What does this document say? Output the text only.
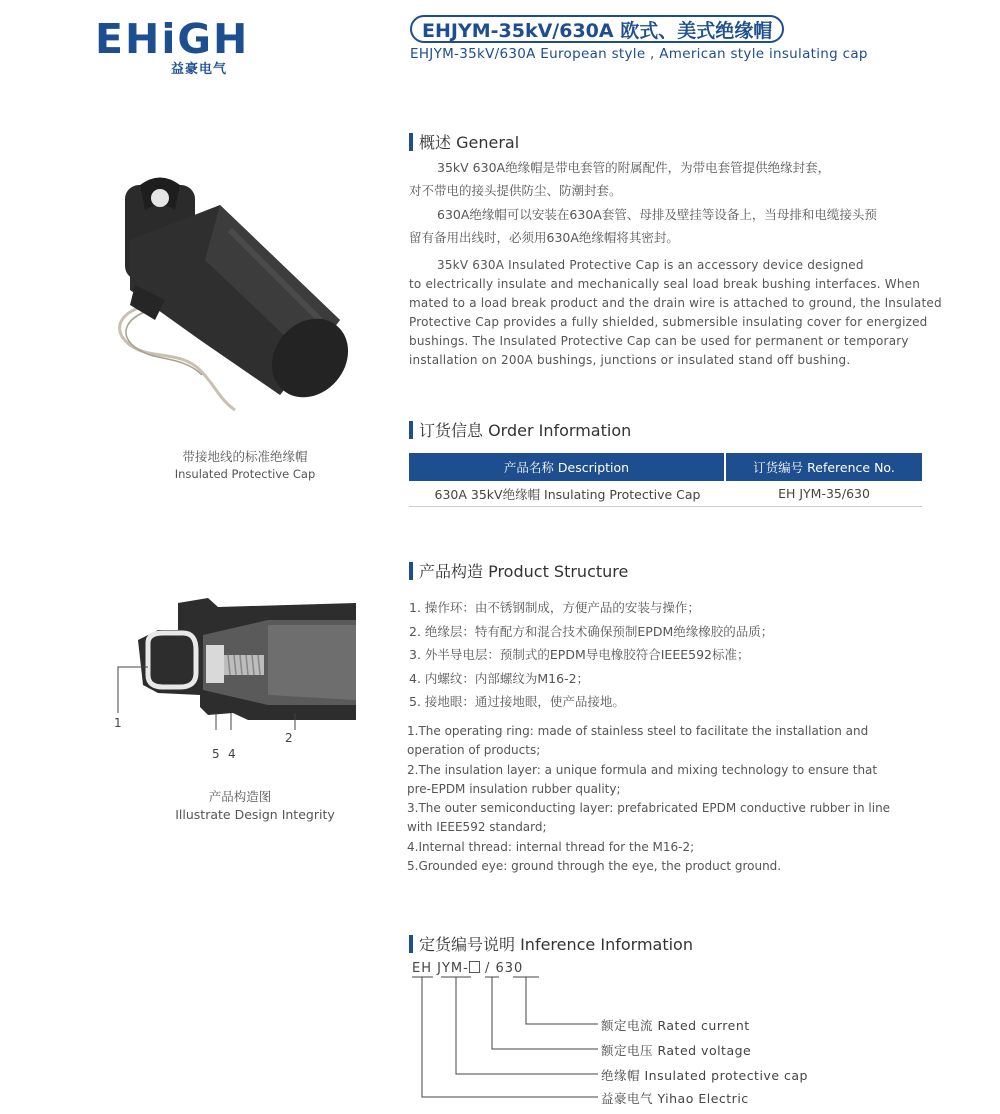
EHiGH
益豪电气
EHJYM-35kV/630A 欧式、美式绝缘帽
EHJYM-35kV/630A European style , American style insulating cap
带接地线的标准绝缘帽
Insulated Protective Cap
概述 General
35kV 630A绝缘帽是带电套管的附属配件，为带电套管提供绝缘封套，
对不带电的接头提供防尘、防潮封套。
630A绝缘帽可以安装在630A套管、母排及壁挂等设备上，当母排和电缆接头预
留有备用出线时，必须用630A绝缘帽将其密封。
35kV 630A Insulated Protective Cap is an accessory device designed
to electrically insulate and mechanically seal load break bushing interfaces. When
mated to a load break product and the drain wire is attached to ground, the Insulated
Protective Cap provides a fully shielded, submersible insulating cover for energized
bushings. The Insulated Protective Cap can be used for permanent or temporary
installation on 200A bushings, junctions or insulated stand off bushing.
订货信息 Order Information
产品名称 Description	订货编号 Reference No.
630A 35kV绝缘帽 Insulating Protective Cap	EH JYM-35/630
产品构造 Product Structure
1. 操作环：由不锈钢制成，方便产品的安装与操作；
2. 绝缘层：特有配方和混合技术确保预制EPDM绝缘橡胶的品质；
3. 外半导电层：预制式的EPDM导电橡胶符合IEEE592标准；
4. 内螺纹：内部螺纹为M16-2；
5. 接地眼：通过接地眼，使产品接地。
1.The operating ring: made of stainless steel to facilitate the installation and
operation of products;
2.The insulation layer: a unique formula and mixing technology to ensure that
pre-EPDM insulation rubber quality;
3.The outer semiconducting layer: prefabricated EPDM conductive rubber in line
with IEEE592 standard;
4.Internal thread: internal thread for the M16-2;
5.Grounded eye: ground through the eye, the product ground.
1
5 4
2
产品构造图
Illustrate Design Integrity
定货编号说明 Inference Information
EH JYM- / 630
额定电流 Rated current
额定电压 Rated voltage
绝缘帽 Insulated protective cap
益豪电气 Yihao Electric
